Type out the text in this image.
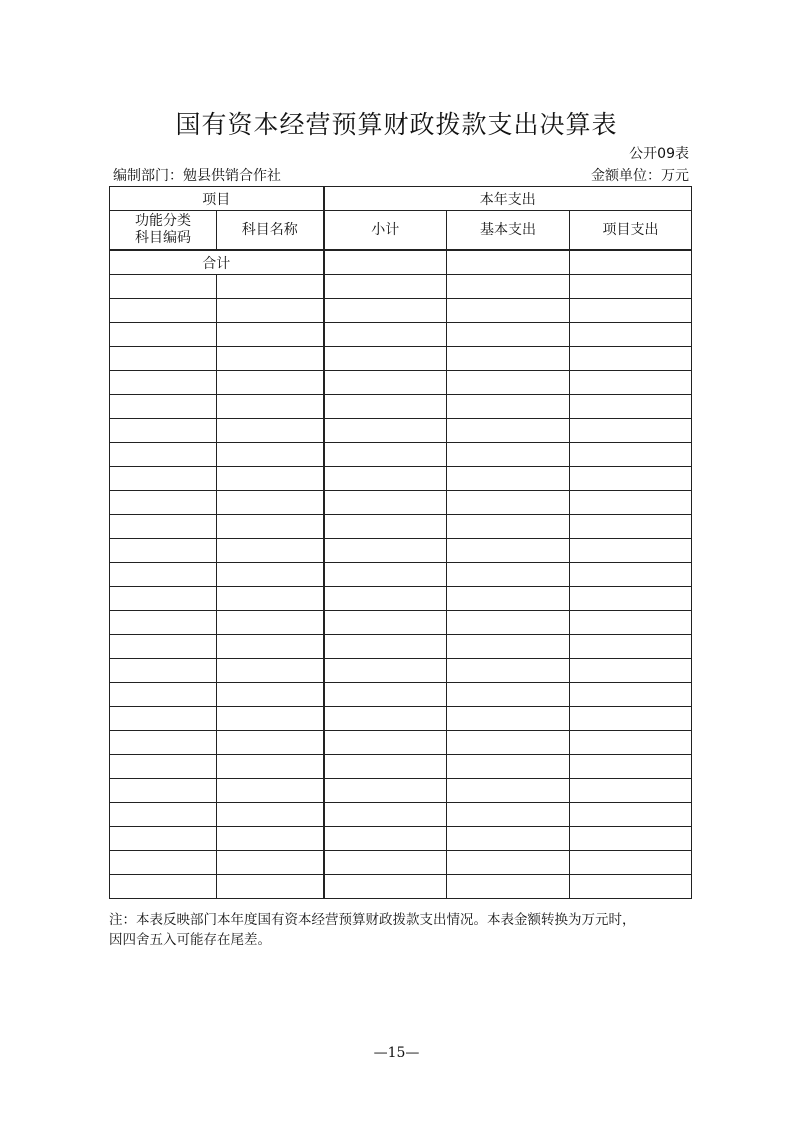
国有资本经营预算财政拨款支出决算表
公开09表
编制部门：勉县供销合作社	金额单位：万元
项目		本年支出		

功能分类
科目编码	科目名称	小计	基本支出	项目支出
合计				

注：本表反映部门本年度国有资本经营预算财政拨款支出情况。本表金额转换为万元时，
因四舍五入可能存在尾差。
—15—
